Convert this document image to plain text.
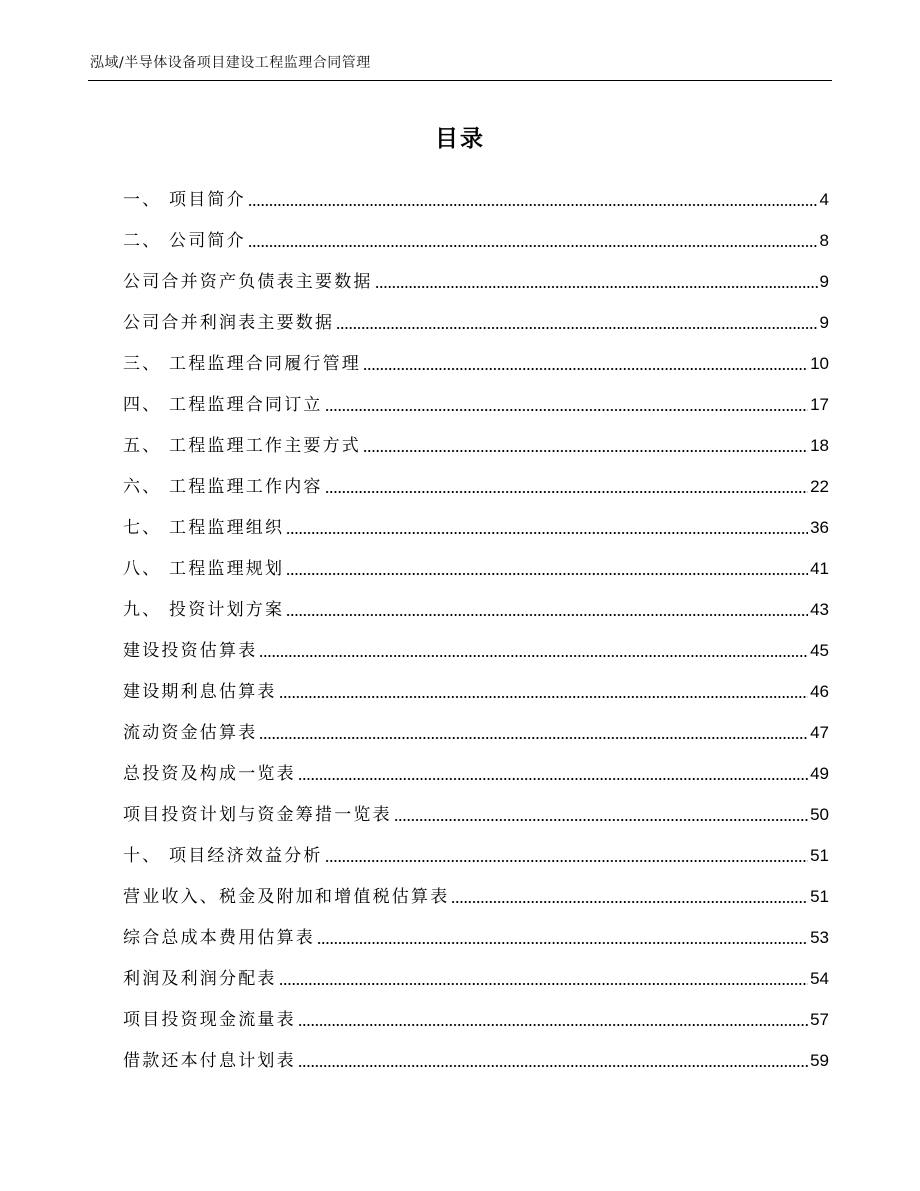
泓域/半导体设备项目建设工程监理合同管理
目录
一、 项目简介	4
二、 公司简介	8
公司合并资产负债表主要数据	9
公司合并利润表主要数据	9
三、 工程监理合同履行管理	10
四、 工程监理合同订立	17
五、 工程监理工作主要方式	18
六、 工程监理工作内容	22
七、 工程监理组织	36
八、 工程监理规划	41
九、 投资计划方案	43
建设投资估算表	45
建设期利息估算表	46
流动资金估算表	47
总投资及构成一览表	49
项目投资计划与资金筹措一览表	50
十、 项目经济效益分析	51
营业收入、税金及附加和增值税估算表	51
综合总成本费用估算表	53
利润及利润分配表	54
项目投资现金流量表	57
借款还本付息计划表	59
